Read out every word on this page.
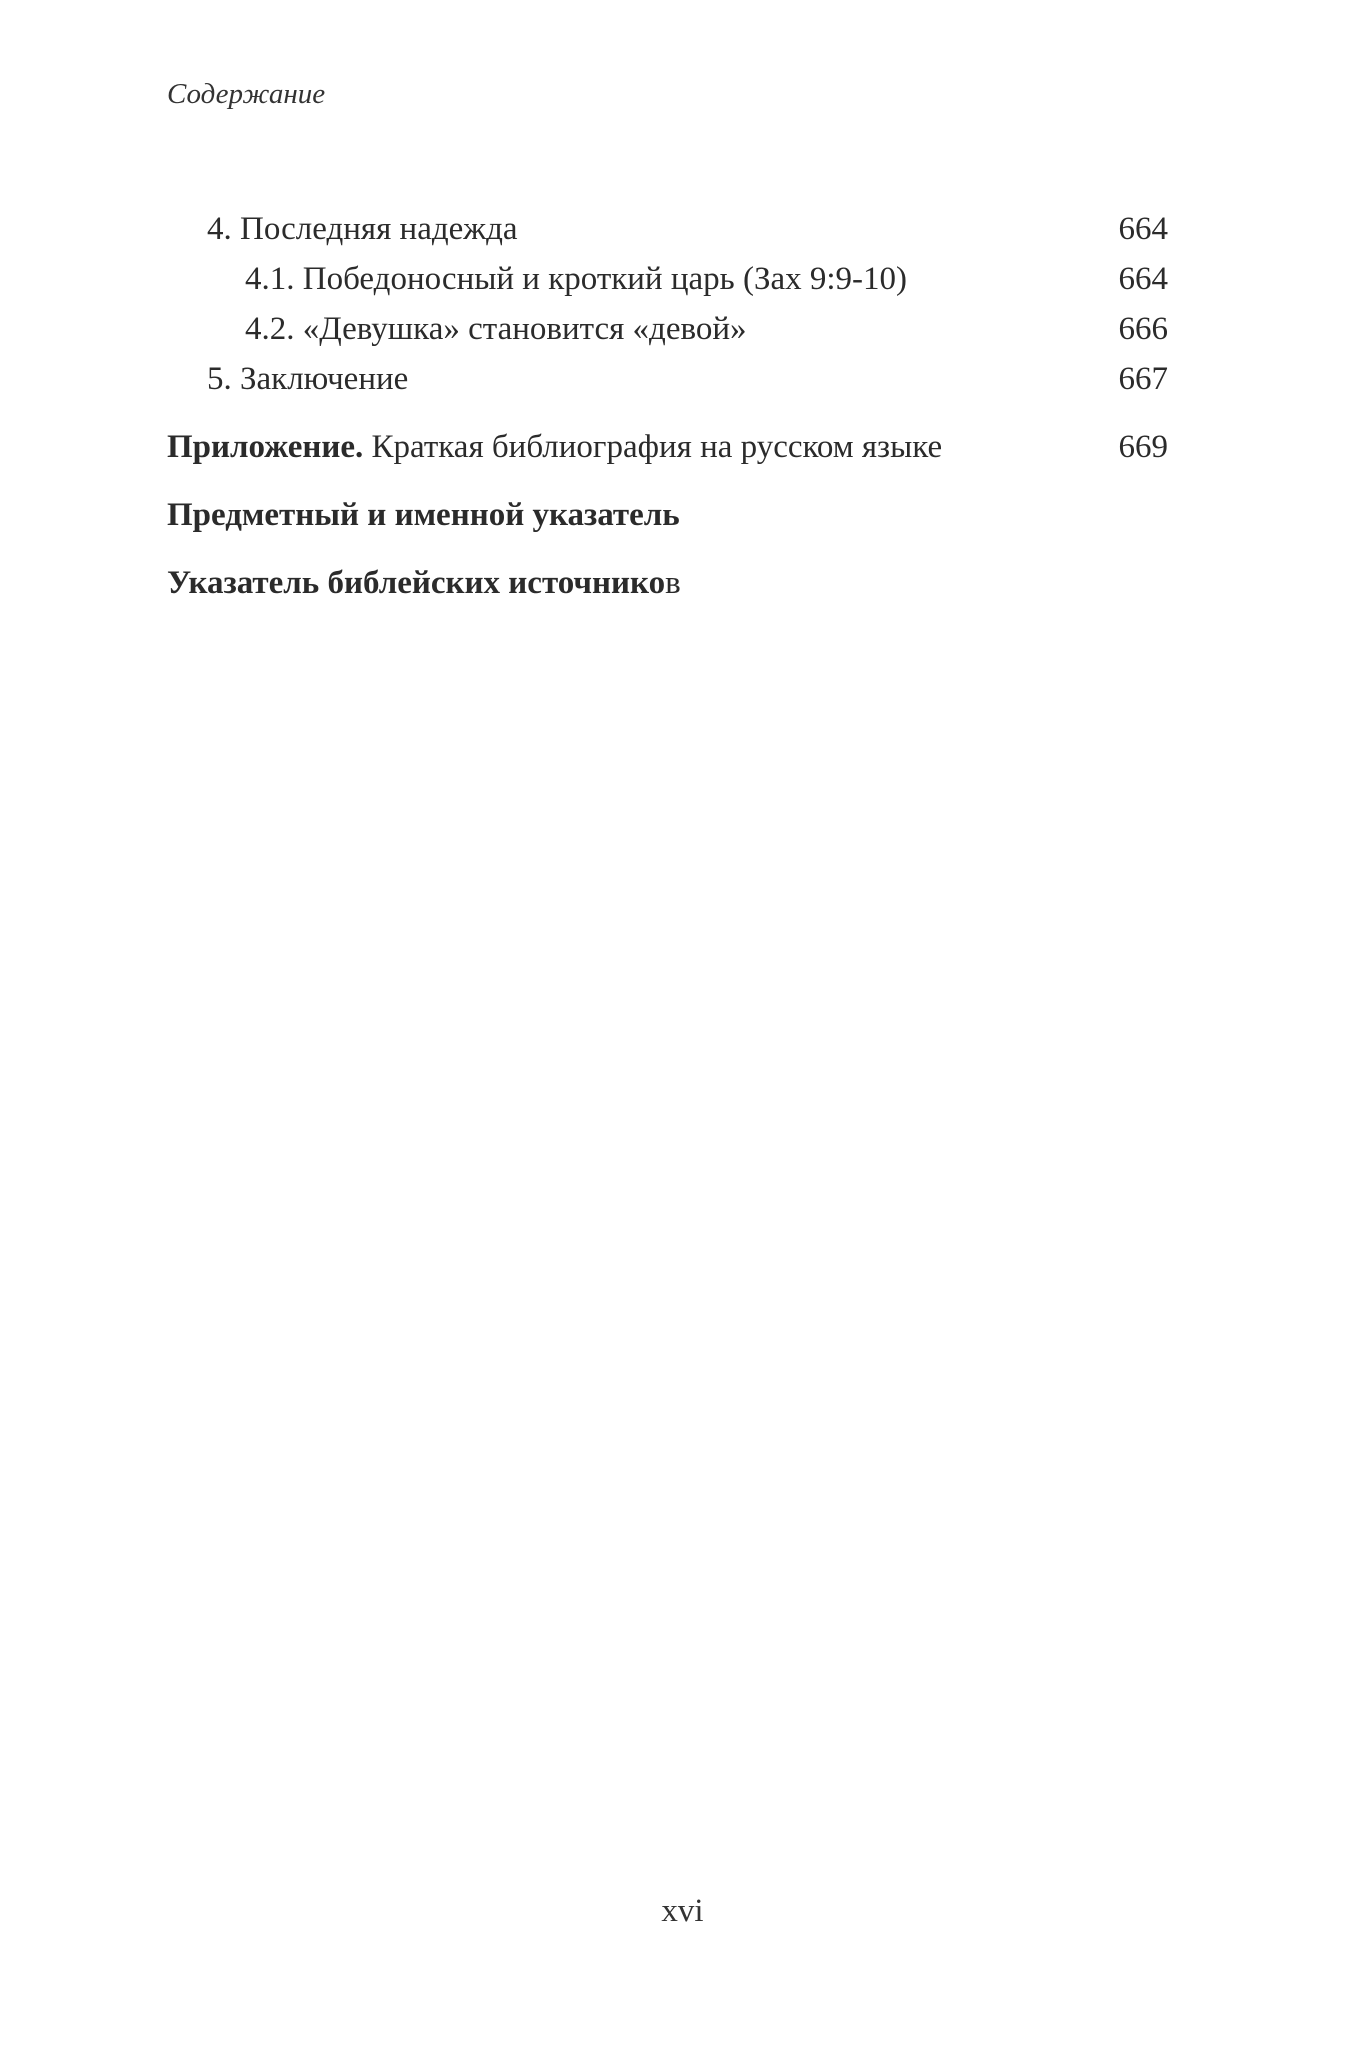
Содержание
4. Последняя надежда . . .	664
4.1. Победоносный и кроткий царь (Зах 9:9-10) . . .	664
4.2. «Девушка» становится «девой» . . .	666
5. Заключение . . .	667
Приложение. Краткая библиография на русском языке . . .	669
Предметный и именной указатель
. . .
Указатель библейских источников
. . .
xvi
